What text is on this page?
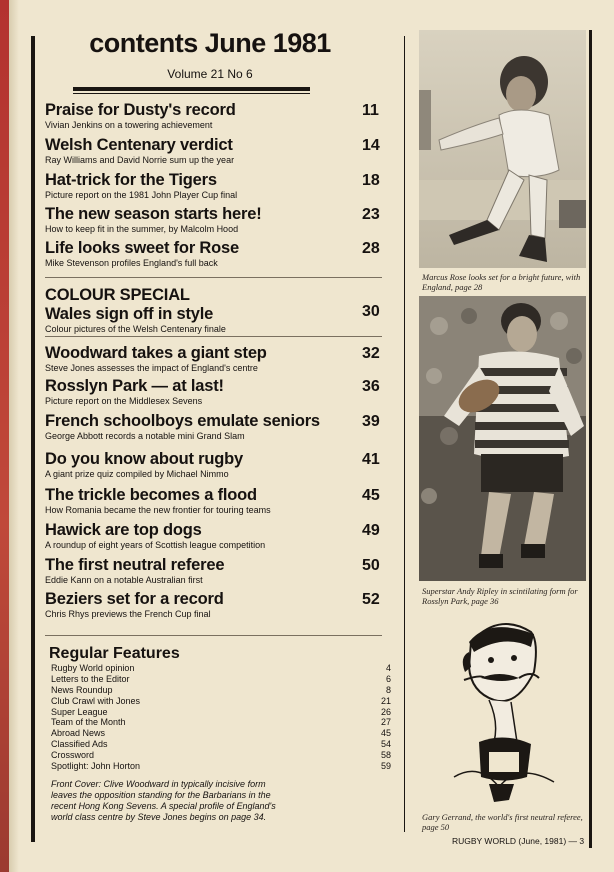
contents June 1981
Volume 21 No 6
Praise for Dusty's record
Vivian Jenkins on a towering achievement
11
Welsh Centenary verdict
Ray Williams and David Norrie sum up the year
14
Hat-trick for the Tigers
Picture report on the 1981 John Player Cup final
18
The new season starts here!
How to keep fit in the summer, by Malcolm Hood
23
Life looks sweet for Rose
Mike Stevenson profiles England's full back
28
COLOUR SPECIAL
Wales sign off in style
Colour pictures of the Welsh Centenary finale
30
Woodward takes a giant step
Steve Jones assesses the impact of England's centre
32
Rosslyn Park — at last!
Picture report on the Middlesex Sevens
36
French schoolboys emulate seniors
George Abbott records a notable mini Grand Slam
39
Do you know about rugby
A giant prize quiz compiled by Michael Nimmo
41
The trickle becomes a flood
How Romania became the new frontier for touring teams
45
Hawick are top dogs
A roundup of eight years of Scottish league competition
49
The first neutral referee
Eddie Kann on a notable Australian first
50
Beziers set for a record
Chris Rhys previews the French Cup final
52
Regular Features
Rugby World opinion	4
Letters to the Editor	6
News Roundup	8
Club Crawl with Jones	21
Super League	26
Team of the Month	27
Abroad News	45
Classified Ads	54
Crossword	58
Spotlight: John Horton	59
Front Cover: Clive Woodward in typically incisive form leaves the opposition standing for the Barbarians in the recent Hong Kong Sevens. A special profile of England's world class centre by Steve Jones begins on page 34.
Marcus Rose looks set for a bright future, with England, page 28
Superstar Andy Ripley in scintilating form for Rosslyn Park, page 36
Gary Gerrand, the world's first neutral referee, page 50
RUGBY WORLD (June, 1981) — 3
